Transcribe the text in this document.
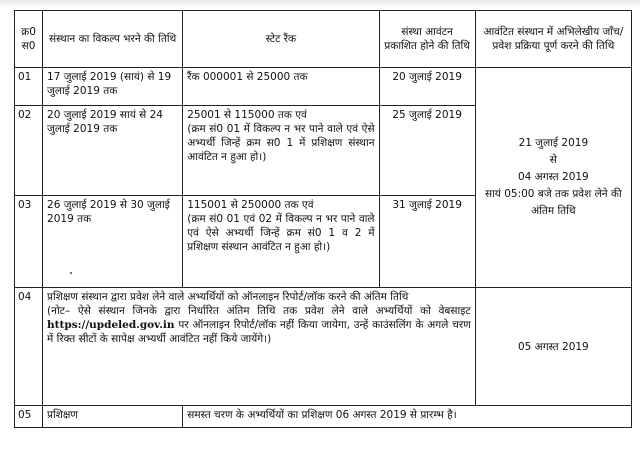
क्र0 स0	संस्थान का विकल्प भरने की तिथि	स्टेट रैंक	संस्था आवंटन प्रकाशित होने की तिथि	आवंटित संस्थान में अभिलेखीय जाँच/प्रवेश प्रक्रिया पूर्ण करने की तिथि
01	17 जुलाई 2019 (सायं) से 19 जुलाई 2019 तक	रैंक 000001 से 25000 तक	20 जुलाई 2019	21 जुलाई 2019
से
04 अगस्त 2019
सायं 05:00 बजे तक प्रवेश लेने की अंतिम तिथि

02	20 जुलाई 2019 सायं से 24 जुलाई 2019 तक	25001 से 115000 तक एवं
(क्रम सं0 01 में विकल्प न भर पाने वाले एवं ऐसे अभ्यर्थी जिन्हें क्रम स0 1 में प्रशिक्षण संस्थान आवंटित न हुआ हो।)	25 जुलाई 2019	
03	26 जुलाई 2019 से 30 जुलाई 2019 तक	115001 से 250000 तक एवं
(क्रम सं0 01 एवं 02 में विकल्प न भर पाने वाले एवं ऐसे अभ्यर्थी जिन्हें क्रम सं0 1 व 2 में प्रशिक्षण संस्थान आवंटित न हुआ हो।)	31 जुलाई 2019	
04	प्रशिक्षण संस्थान द्वारा प्रवेश लेने वाले अभ्यर्थियों को ऑनलाइन रिपोर्ट/लॉक करने की अंतिम तिथि
(नोट– ऐसे संस्थान जिनके द्वारा निर्धारित अंतिम तिथि तक प्रवेश लेने वाले अभ्यर्थियों को वेबसाइट https://updeled.gov.in पर ऑनलाइन रिपोर्ट/लॉक नहीं किया जायेगा, उन्हें काउंसलिंग के अगले चरण में रिक्त सीटों के सापेक्ष अभ्यर्थी आवंटित नहीं किये जायेंगे।)			05 अगस्त 2019
05	प्रशिक्षण	समस्त चरण के अभ्यर्थियों का प्रशिक्षण 06 अगस्त 2019 से प्रारम्भ है।		
